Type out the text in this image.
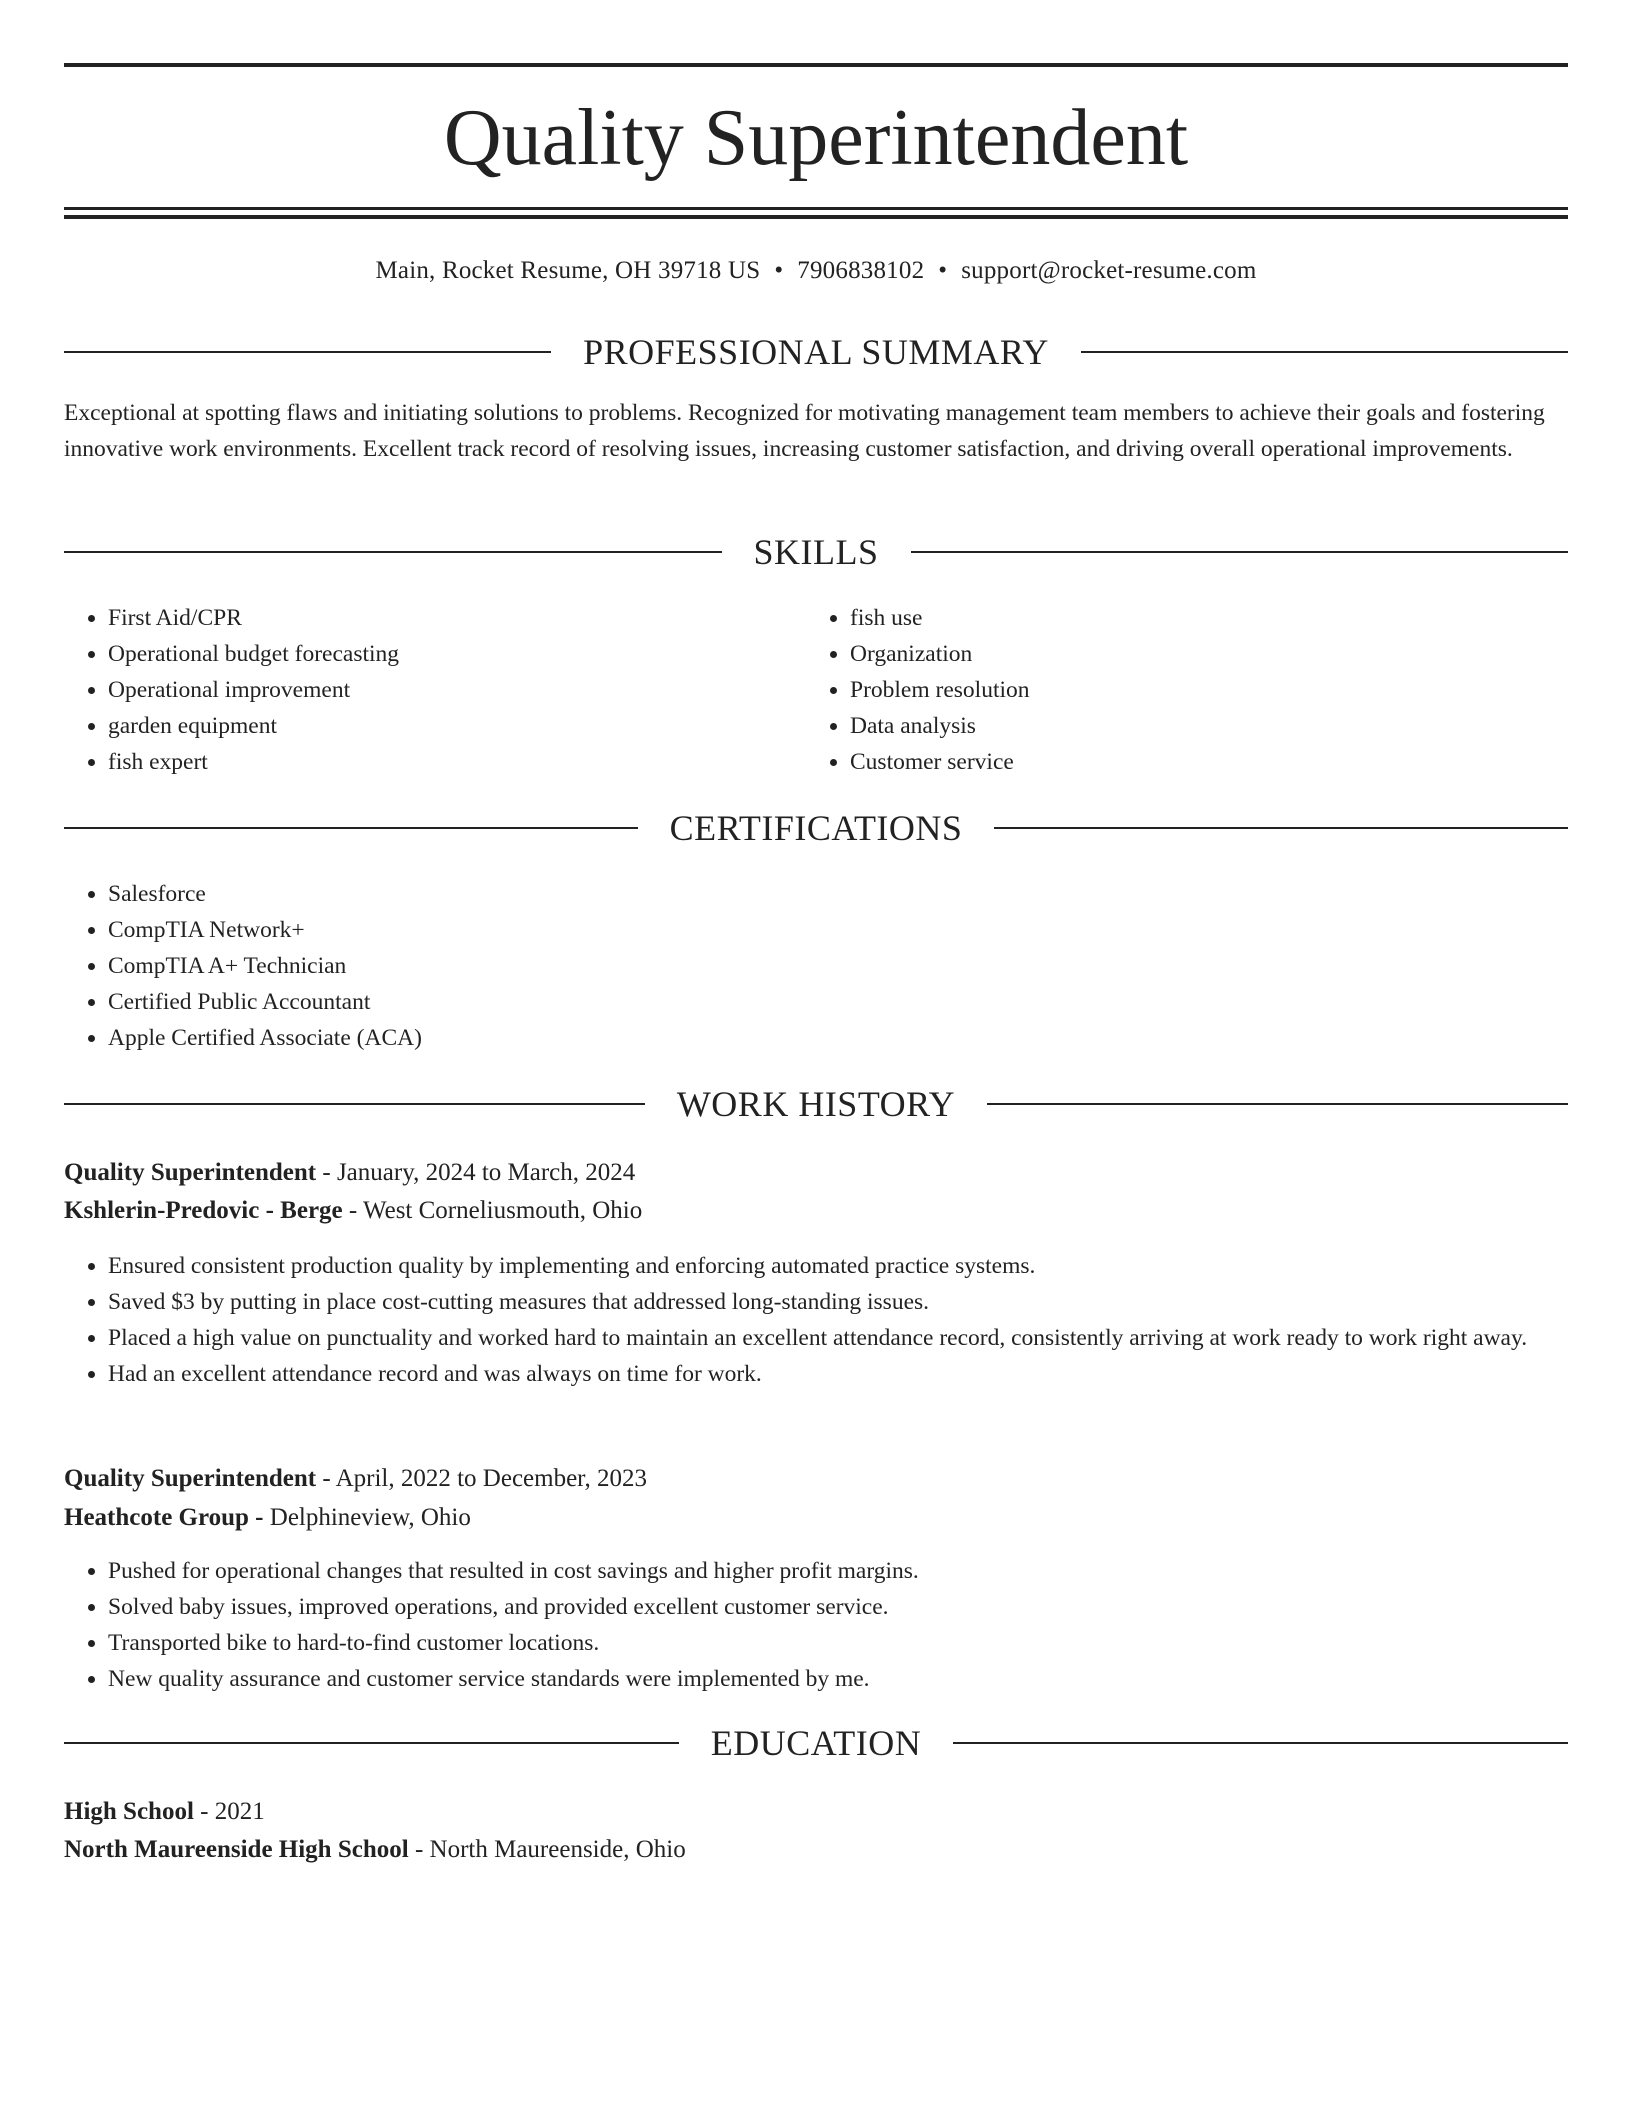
Quality Superintendent
Main, Rocket Resume, OH 39718 US • 7906838102 • support@rocket-resume.com
PROFESSIONAL SUMMARY

Exceptional at spotting flaws and initiating solutions to problems. Recognized for motivating management team members to achieve their goals and fostering innovative work environments. Excellent track record of resolving issues, increasing customer satisfaction, and driving overall operational improvements.

SKILLS
• First Aid/CPR
• Operational budget forecasting
• Operational improvement
• garden equipment
• fish expert
• fish use
• Organization
• Problem resolution
• Data analysis
• Customer service
CERTIFICATIONS
• Salesforce
• CompTIA Network+
• CompTIA A+ Technician
• Certified Public Accountant
• Apple Certified Associate (ACA)
WORK HISTORY
Quality Superintendent - January, 2024 to March, 2024
Kshlerin-Predovic - Berge - West Corneliusmouth, Ohio
• Ensured consistent production quality by implementing and enforcing automated practice systems.
• Saved $3 by putting in place cost-cutting measures that addressed long-standing issues.
• Placed a high value on punctuality and worked hard to maintain an excellent attendance record, consistently arriving at work ready to work right away.
• Had an excellent attendance record and was always on time for work.
Quality Superintendent - April, 2022 to December, 2023
Heathcote Group - Delphineview, Ohio
• Pushed for operational changes that resulted in cost savings and higher profit margins.
• Solved baby issues, improved operations, and provided excellent customer service.
• Transported bike to hard-to-find customer locations.
• New quality assurance and customer service standards were implemented by me.
EDUCATION
High School - 2021
North Maureenside High School - North Maureenside, Ohio
